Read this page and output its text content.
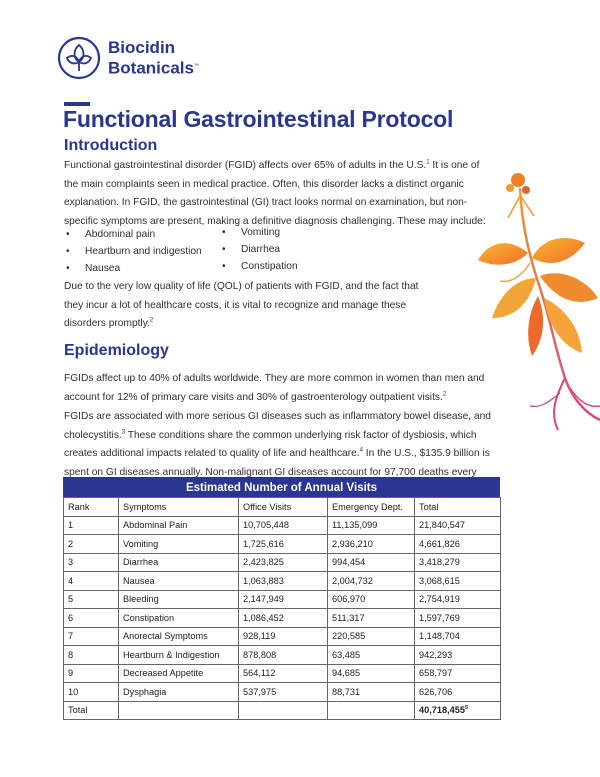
Biocidin
Botanicals™
Functional Gastrointestinal Protocol
Introduction

Functional gastrointestinal disorder (FGID) affects over 65% of adults in the U.S.$^1$ It is one of the main complaints seen in medical practice. Often, this disorder lacks a distinct organic explanation. In FGID, the gastrointestinal (GI) tract looks normal on examination, but non-specific symptoms are present, making a definitive diagnosis challenging. These may include:

• Abdominal pain
• Heartburn and indigestion
• Nausea
• Vomiting
• Diarrhea
• Constipation

Due to the very low quality of life (QOL) of patients with FGID, and the fact that they incur a lot of healthcare costs, it is vital to recognize and manage these disorders promptly.$^2$

Epidemiology

FGIDs affect up to 40% of adults worldwide. They are more common in women than men and account for 12% of primary care visits and 30% of gastroenterology outpatient visits.$^2$

FGIDs are associated with more serious GI diseases such as inflammatory bowel disease, and cholecystitis.$^3$ These conditions share the common underlying risk factor of dysbiosis, which creates additional impacts related to quality of life and healthcare.$^4$ In the U.S., $135.9 billion is spent on GI diseases annually. Non-malignant GI diseases account for 97,700 deaths every

Estimated Number of Annual Visits
Rank	Symptoms	Office Visits	Emergency Dept.	Total
1	Abdominal Pain	10,705,448	11,135,099	21,840,547
2	Vomiting	1,725,616	2,936,210	4,661,826
3	Diarrhea	2,423,825	994,454	3,418,279
4	Nausea	1,063,883	2,004,732	3,068,615
5	Bleeding	2,147,949	606,970	2,754,919
6	Constipation	1,086,452	511,317	1,597,769
7	Anorectal Symptoms	928,119	220,585	1,148,704
8	Heartburn & Indigestion	878,808	63,485	942,293
9	Decreased Appetite	564,112	94,685	658,797
10	Dysphagia	537,975	88,731	626,706
Total				40,718,455$^5$
